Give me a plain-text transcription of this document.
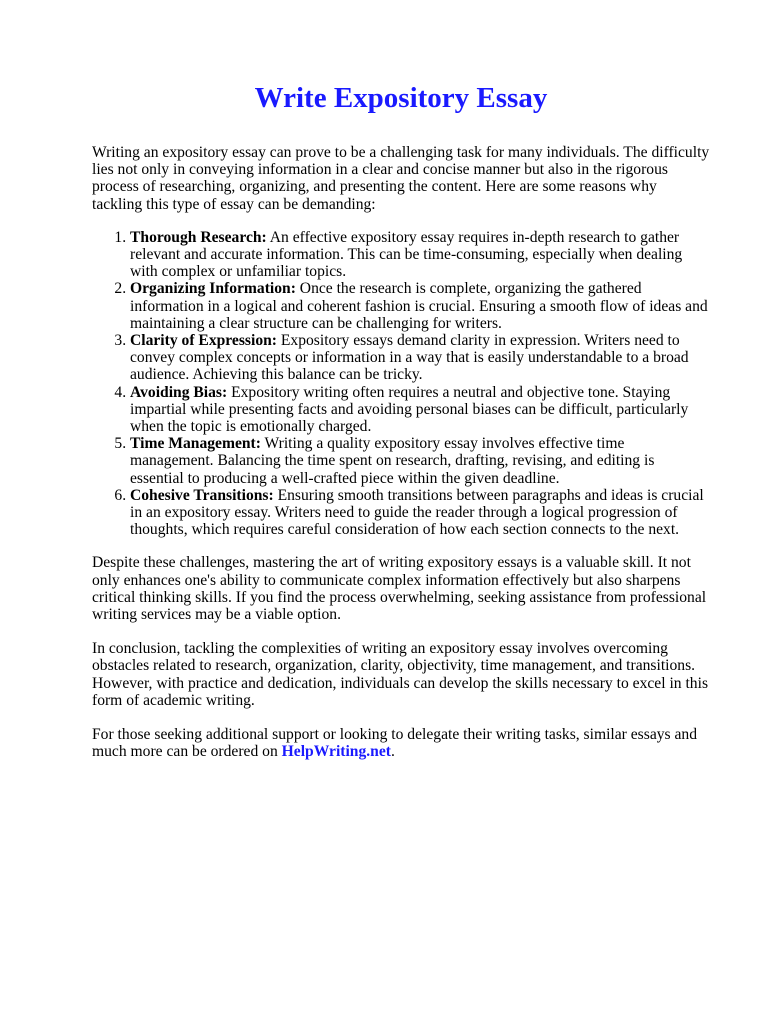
Write Expository Essay

Writing an expository essay can prove to be a challenging task for many individuals. The difficulty lies not only in conveying information in a clear and concise manner but also in the rigorous process of researching, organizing, and presenting the content. Here are some reasons why tackling this type of essay can be demanding:

1. Thorough Research: An effective expository essay requires in-depth research to gather relevant and accurate information. This can be time-consuming, especially when dealing with complex or unfamiliar topics.
2. Organizing Information: Once the research is complete, organizing the gathered information in a logical and coherent fashion is crucial. Ensuring a smooth flow of ideas and maintaining a clear structure can be challenging for writers.
3. Clarity of Expression: Expository essays demand clarity in expression. Writers need to convey complex concepts or information in a way that is easily understandable to a broad audience. Achieving this balance can be tricky.
4. Avoiding Bias: Expository writing often requires a neutral and objective tone. Staying impartial while presenting facts and avoiding personal biases can be difficult, particularly when the topic is emotionally charged.
5. Time Management: Writing a quality expository essay involves effective time management. Balancing the time spent on research, drafting, revising, and editing is essential to producing a well-crafted piece within the given deadline.
6. Cohesive Transitions: Ensuring smooth transitions between paragraphs and ideas is crucial in an expository essay. Writers need to guide the reader through a logical progression of thoughts, which requires careful consideration of how each section connects to the next.

Despite these challenges, mastering the art of writing expository essays is a valuable skill. It not only enhances one's ability to communicate complex information effectively but also sharpens critical thinking skills. If you find the process overwhelming, seeking assistance from professional writing services may be a viable option.

In conclusion, tackling the complexities of writing an expository essay involves overcoming obstacles related to research, organization, clarity, objectivity, time management, and transitions. However, with practice and dedication, individuals can develop the skills necessary to excel in this form of academic writing.

For those seeking additional support or looking to delegate their writing tasks, similar essays and much more can be ordered on HelpWriting.net.
